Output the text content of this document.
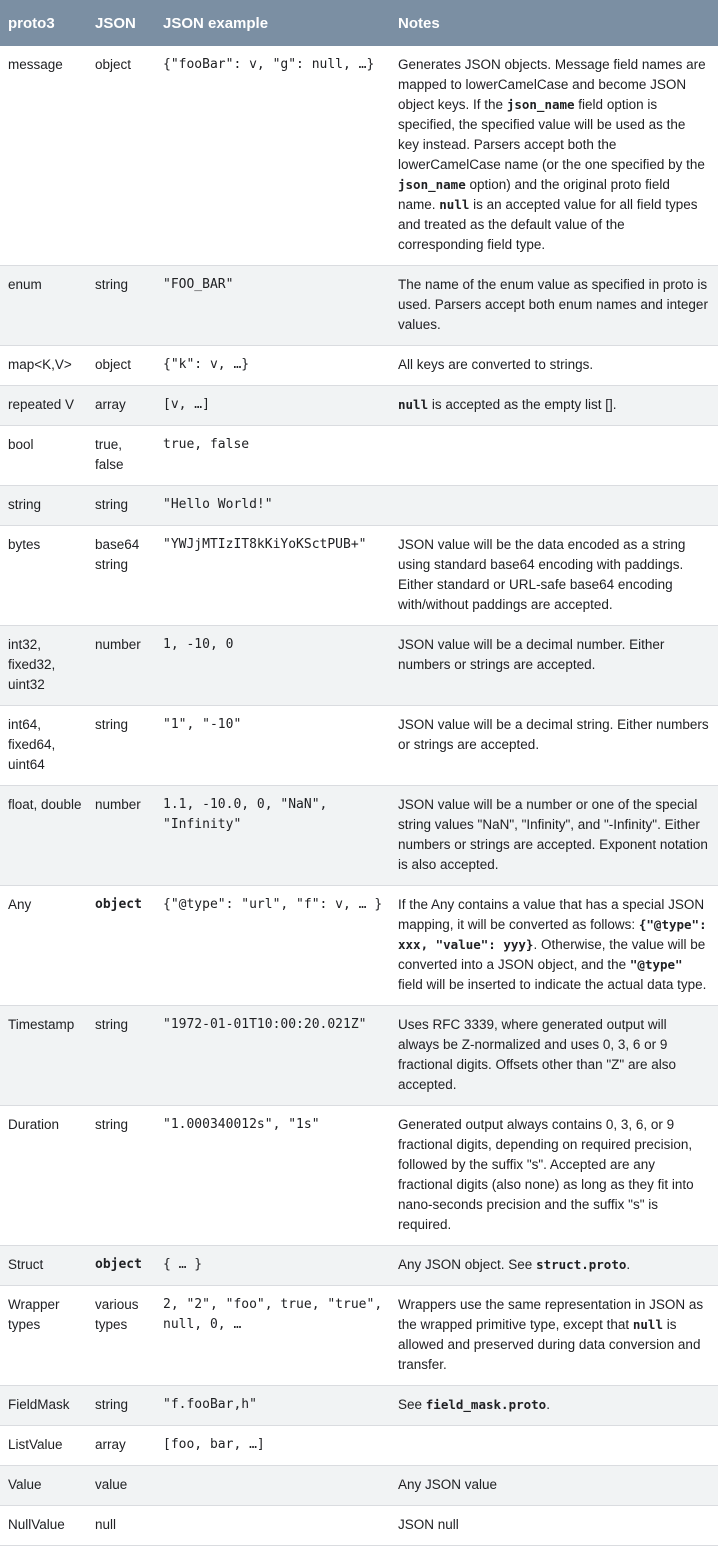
proto3	JSON	JSON example	Notes
message	object	{"fooBar": v, "g": null, …}	Generates JSON objects. Message field names are mapped to lowerCamelCase and become JSON object keys. If the json_name field option is specified, the specified value will be used as the key instead. Parsers accept both the lowerCamelCase name (or the one specified by the json_name option) and the original proto field name. null is an accepted value for all field types and treated as the default value of the corresponding field type.
enum	string	"FOO_BAR"	The name of the enum value as specified in proto is used. Parsers accept both enum names and integer values.
map<K,V>	object	{"k": v, …}	All keys are converted to strings.
repeated V	array	[v, …]	null is accepted as the empty list [].
bool	true, false	true, false	
string	string	"Hello World!"	
bytes	base64 string	"YWJjMTIzIT8kKiYoKSctPUB+"	JSON value will be the data encoded as a string using standard base64 encoding with paddings. Either standard or URL-safe base64 encoding with/without paddings are accepted.
int32, fixed32, uint32	number	1, -10, 0	JSON value will be a decimal number. Either numbers or strings are accepted.
int64, fixed64, uint64	string	"1", "-10"	JSON value will be a decimal string. Either numbers or strings are accepted.
float, double	number	1.1, -10.0, 0, "NaN", "Infinity"	JSON value will be a number or one of the special string values "NaN", "Infinity", and "-Infinity". Either numbers or strings are accepted. Exponent notation is also accepted.
Any	object	{"@type": "url", "f": v, … }	If the Any contains a value that has a special JSON mapping, it will be converted as follows: {"@type": xxx, "value": yyy}. Otherwise, the value will be converted into a JSON object, and the "@type" field will be inserted to indicate the actual data type.
Timestamp	string	"1972-01-01T10:00:20.021Z"	Uses RFC 3339, where generated output will always be Z-normalized and uses 0, 3, 6 or 9 fractional digits. Offsets other than "Z" are also accepted.
Duration	string	"1.000340012s", "1s"	Generated output always contains 0, 3, 6, or 9 fractional digits, depending on required precision, followed by the suffix "s". Accepted are any fractional digits (also none) as long as they fit into nano-seconds precision and the suffix "s" is required.
Struct	object	{ … }	Any JSON object. See struct.proto.
Wrapper types	various types	2, "2", "foo", true, "true", null, 0, …	Wrappers use the same representation in JSON as the wrapped primitive type, except that null is allowed and preserved during data conversion and transfer.
FieldMask	string	"f.fooBar,h"	See field_mask.proto.
ListValue	array	[foo, bar, …]	
Value	value		Any JSON value
NullValue	null		JSON null
